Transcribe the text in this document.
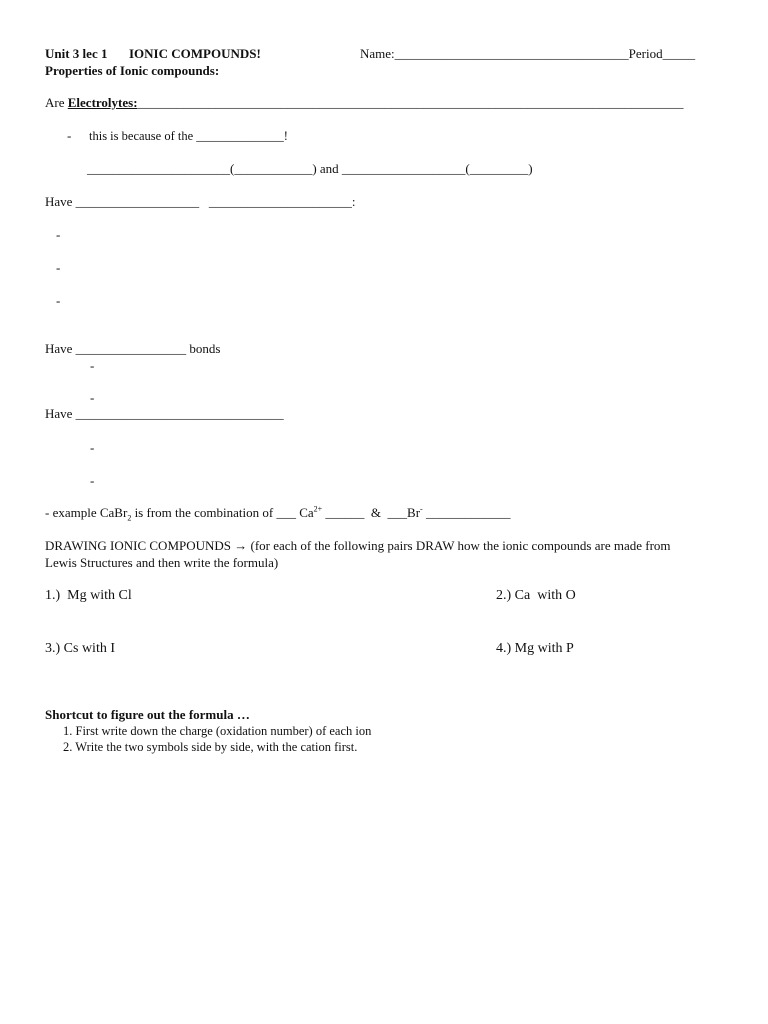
Unit 3 lec 1 IONIC COMPOUNDS!	Name:____________________________________Period_____
Properties of Ionic compounds:
Are Electrolytes:____________________________________________________________________________________
- this is because of the ______________!
______________________(____________) and ___________________(_________)
Have ___________________   ______________________:
-
-
-
Have _________________ bonds
-
-
Have ________________________________
-
-
- example CaBr$_2$ is from the combination of ___ $Ca^{2+}$ ______  &  ___Br- _____________
DRAWING IONIC COMPOUNDS → (for each of the following pairs DRAW how the ionic compounds are made from
Lewis Structures and then write the formula)
1.)  Mg with Cl	2.) Ca  with O
3.) Cs with I	4.) Mg with P
Shortcut to figure out the formula …
1. First write down the charge (oxidation number) of each ion
2. Write the two symbols side by side, with the cation first.
